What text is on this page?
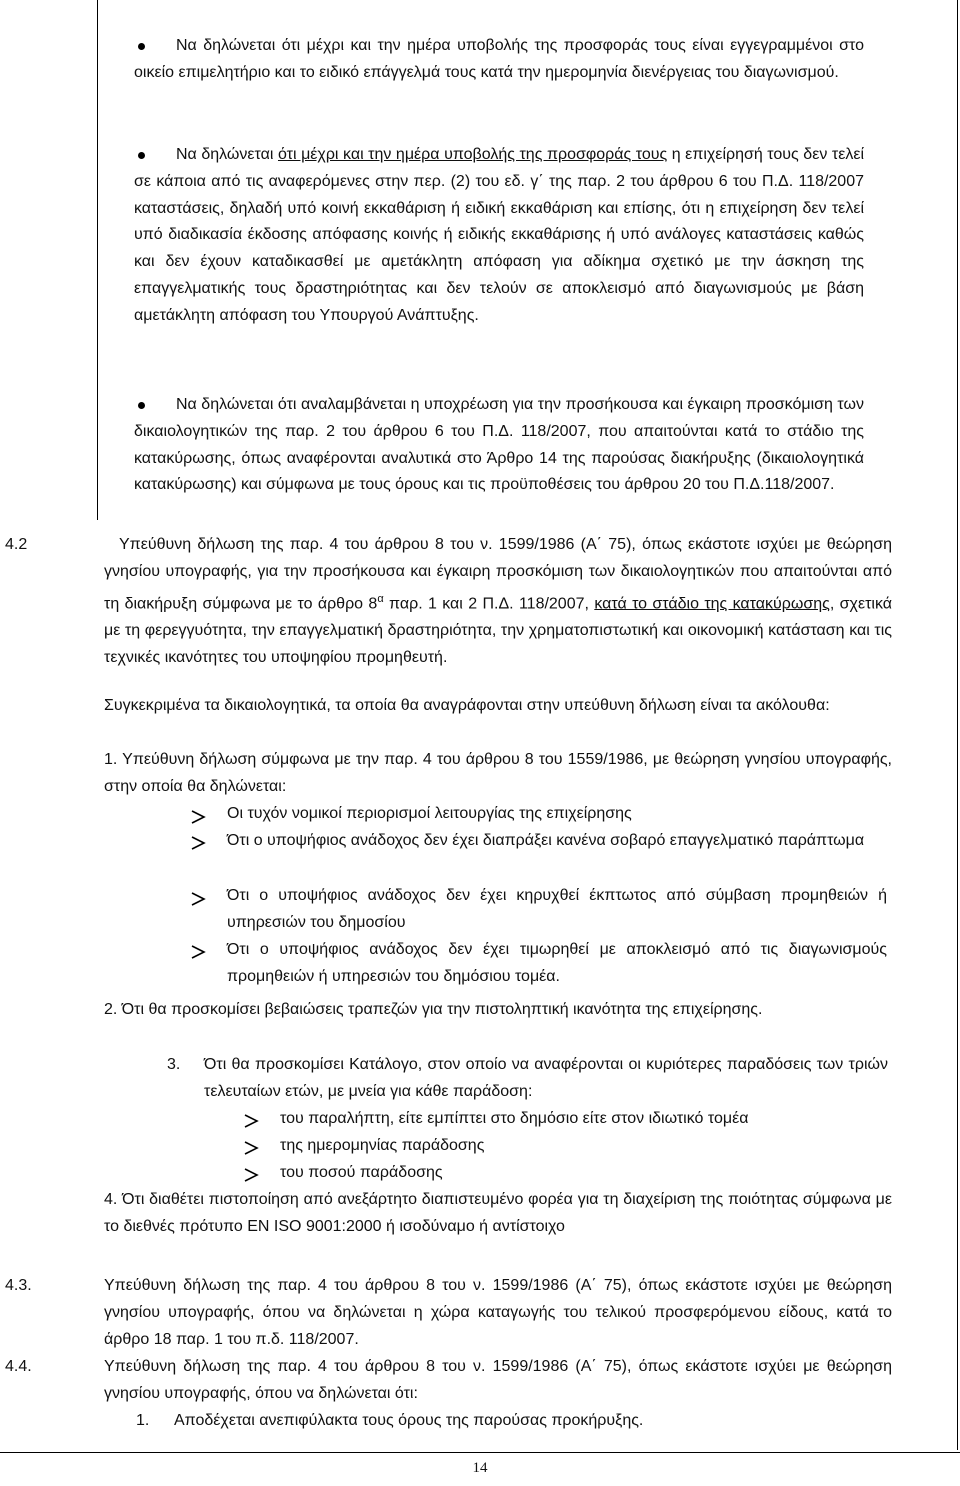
Να δηλώνεται ότι μέχρι και την ημέρα υποβολής της προσφοράς τους είναι εγγεγραμμένοι στο οικείο επιμελητήριο και το ειδικό επάγγελμά τους κατά την ημερομηνία διενέργειας του διαγωνισμού.
Να δηλώνεται ότι μέχρι και την ημέρα υποβολής της προσφοράς τους η επιχείρησή τους δεν τελεί σε κάποια από τις αναφερόμενες στην περ. (2) του εδ. γ΄ της παρ. 2 του άρθρου 6 του Π.Δ. 118/2007 καταστάσεις, δηλαδή υπό κοινή εκκαθάριση ή ειδική εκκαθάριση και επίσης, ότι η επιχείρηση δεν τελεί υπό διαδικασία έκδοσης απόφασης κοινής ή ειδικής εκκαθάρισης ή υπό ανάλογες καταστάσεις καθώς και δεν έχουν καταδικασθεί με αμετάκλητη απόφαση για αδίκημα σχετικό με την άσκηση της επαγγελματικής τους δραστηριότητας και δεν τελούν σε αποκλεισμό από διαγωνισμούς με βάση αμετάκλητη απόφαση του Υπουργού Ανάπτυξης.
Να δηλώνεται ότι αναλαμβάνεται η υποχρέωση για την προσήκουσα και έγκαιρη προσκόμιση των δικαιολογητικών της παρ. 2 του άρθρου 6 του Π.Δ. 118/2007, που απαιτούνται κατά το στάδιο της κατακύρωσης, όπως αναφέρονται αναλυτικά στο Άρθρο 14 της παρούσας διακήρυξης (δικαιολογητικά κατακύρωσης) και σύμφωνα με τους όρους και τις προϋποθέσεις του άρθρου 20 του Π.Δ.118/2007.
4.2	Υπεύθυνη δήλωση της παρ. 4 του άρθρου 8 του ν. 1599/1986 (Α΄ 75), όπως εκάστοτε ισχύει με θεώρηση γνησίου υπογραφής, για την προσήκουσα και έγκαιρη προσκόμιση των δικαιολογητικών που απαιτούνται από τη διακήρυξη σύμφωνα με το άρθρο $8^\alpha$ παρ. 1 και 2 Π.Δ. 118/2007, κατά το στάδιο της κατακύρωσης, σχετικά με τη φερεγγυότητα, την επαγγελματική δραστηριότητα, την χρηματοπιστωτική και οικονομική κατάσταση και τις τεχνικές ικανότητες του υποψηφίου προμηθευτή.
Συγκεκριμένα τα δικαιολογητικά, τα οποία θα αναγράφονται στην υπεύθυνη δήλωση είναι τα ακόλουθα:
1. Υπεύθυνη δήλωση σύμφωνα με την παρ. 4 του άρθρου 8 του 1559/1986, με θεώρηση γνησίου υπογραφής, στην οποία θα δηλώνεται:
Οι τυχόν νομικοί περιορισμοί λειτουργίας της επιχείρησης
Ότι ο υποψήφιος ανάδοχος δεν έχει διαπράξει κανένα σοβαρό επαγγελματικό παράπτωμα
Ότι ο υποψήφιος ανάδοχος δεν έχει κηρυχθεί έκπτωτος από σύμβαση προμηθειών ή υπηρεσιών του δημοσίου
Ότι ο υποψήφιος ανάδοχος δεν έχει τιμωρηθεί με αποκλεισμό από τις διαγωνισμούς προμηθειών ή υπηρεσιών του δημόσιου τομέα.
2. Ότι θα προσκομίσει βεβαιώσεις τραπεζών για την πιστοληπτική ικανότητα της επιχείρησης.
3. Ότι θα προσκομίσει Κατάλογο, στον οποίο να αναφέρονται οι κυριότερες παραδόσεις των τριών τελευταίων ετών, με μνεία για κάθε παράδοση:
του παραλήπτη, είτε εμπίπτει στο δημόσιο είτε στον ιδιωτικό τομέα
της ημερομηνίας παράδοσης
του ποσού παράδοσης
4. Ότι διαθέτει πιστοποίηση από ανεξάρτητο διαπιστευμένο φορέα για τη διαχείριση της ποιότητας σύμφωνα με το διεθνές πρότυπο EN ISO 9001:2000 ή ισοδύναμο ή αντίστοιχο
4.3.	Υπεύθυνη δήλωση της παρ. 4 του άρθρου 8 του ν. 1599/1986 (Α΄ 75), όπως εκάστοτε ισχύει με θεώρηση γνησίου υπογραφής, όπου να δηλώνεται η χώρα καταγωγής του τελικού προσφερόμενου είδους, κατά το άρθρο 18 παρ. 1 του π.δ. 118/2007.
4.4.	Υπεύθυνη δήλωση της παρ. 4 του άρθρου 8 του ν. 1599/1986 (Α΄ 75), όπως εκάστοτε ισχύει με θεώρηση γνησίου υπογραφής, όπου να δηλώνεται ότι:
1. Αποδέχεται ανεπιφύλακτα τους όρους της παρούσας προκήρυξης.
14
